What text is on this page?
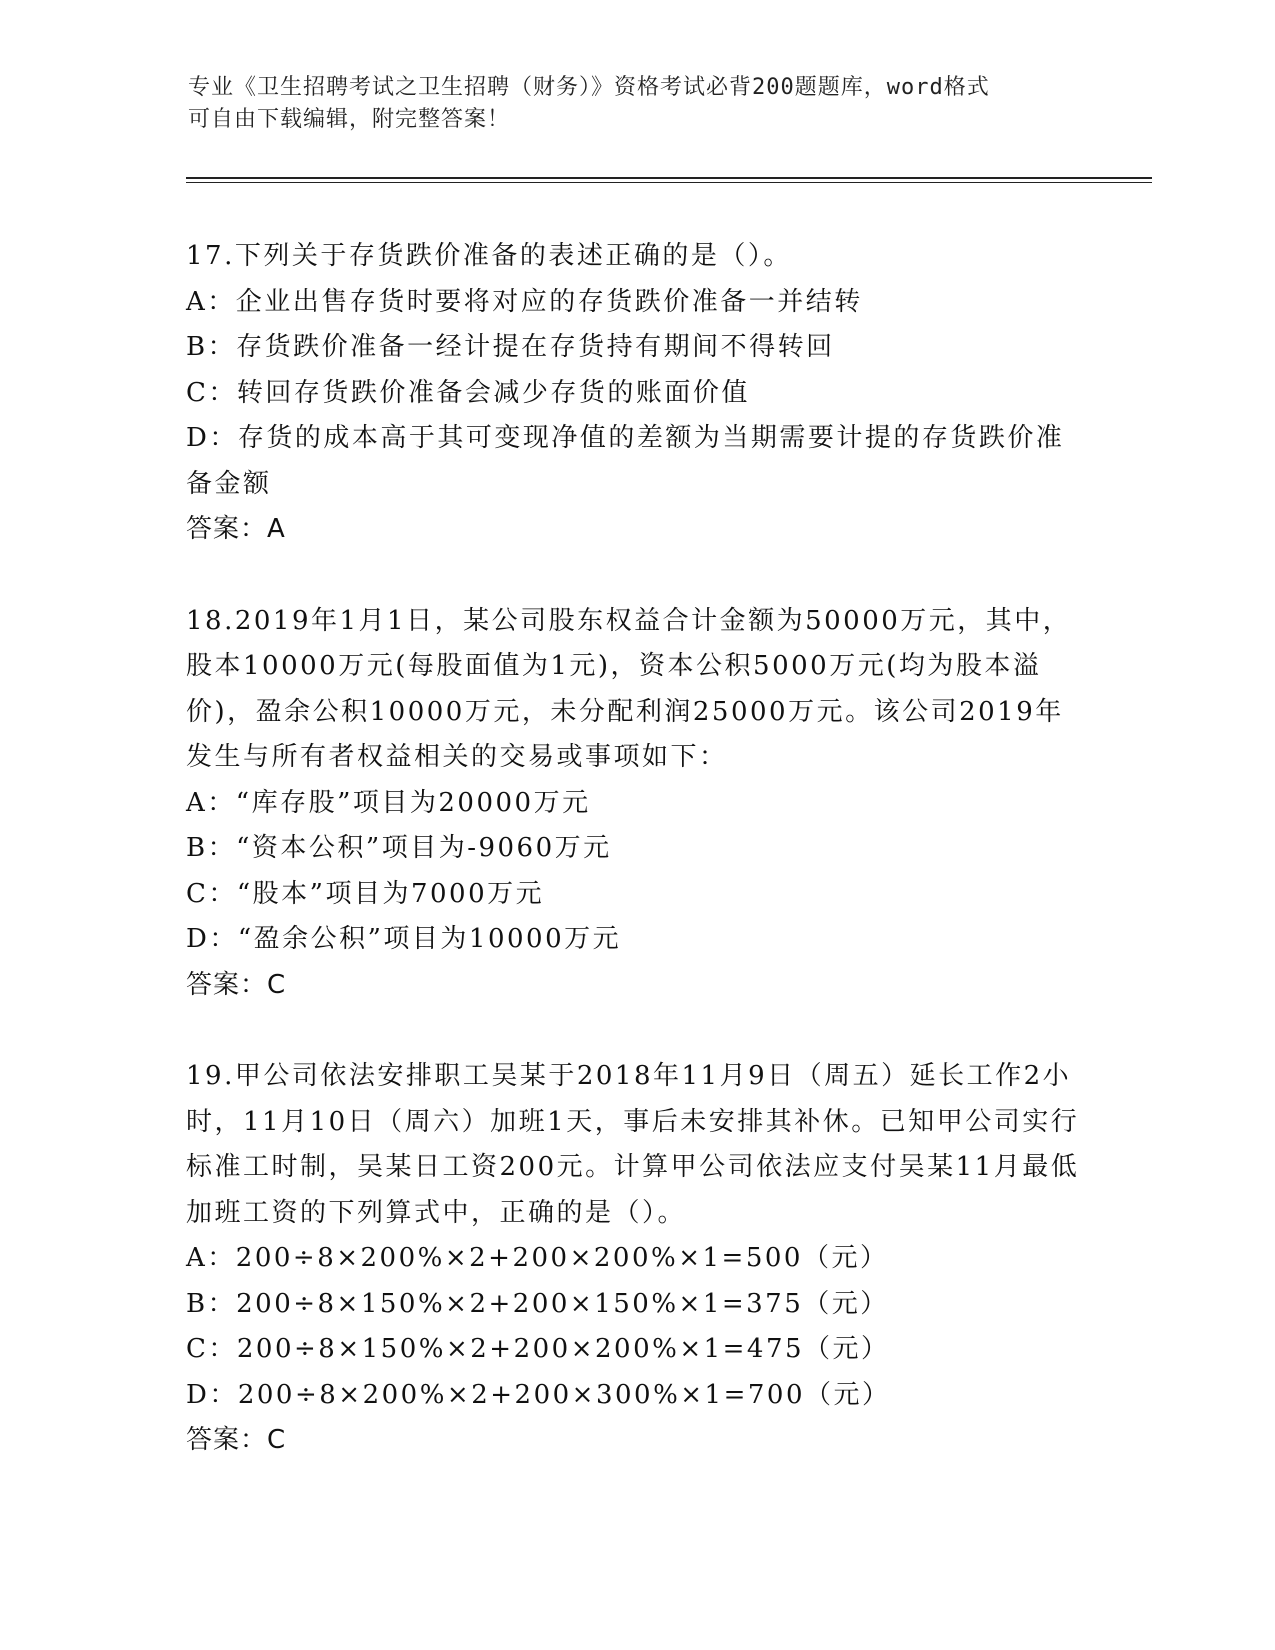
专业《卫生招聘考试之卫生招聘（财务）》资格考试必背200题题库，word格式
可自由下载编辑，附完整答案！
17.下列关于存货跌价准备的表述正确的是（）。
A：企业出售存货时要将对应的存货跌价准备一并结转
B：存货跌价准备一经计提在存货持有期间不得转回
C：转回存货跌价准备会减少存货的账面价值
D：存货的成本高于其可变现净值的差额为当期需要计提的存货跌价准备金额
答案：A
18.2019年1月1日，某公司股东权益合计金额为50000万元，其中，股本10000万元(每股面值为1元)，资本公积5000万元(均为股本溢价)，盈余公积10000万元，未分配利润25000万元。该公司2019年发生与所有者权益相关的交易或事项如下：
A：“库存股”项目为20000万元
B：“资本公积”项目为-9060万元
C：“股本”项目为7000万元
D：“盈余公积”项目为10000万元
答案：C
19.甲公司依法安排职工吴某于2018年11月9日（周五）延长工作2小时，11月10日（周六）加班1天，事后未安排其补休。已知甲公司实行标准工时制，吴某日工资200元。计算甲公司依法应支付吴某11月最低加班工资的下列算式中，正确的是（）。
A：200÷8×200%×2+200×200%×1=500（元）
B：200÷8×150%×2+200×150%×1=375（元）
C：200÷8×150%×2+200×200%×1=475（元）
D：200÷8×200%×2+200×300%×1=700（元）
答案：C
